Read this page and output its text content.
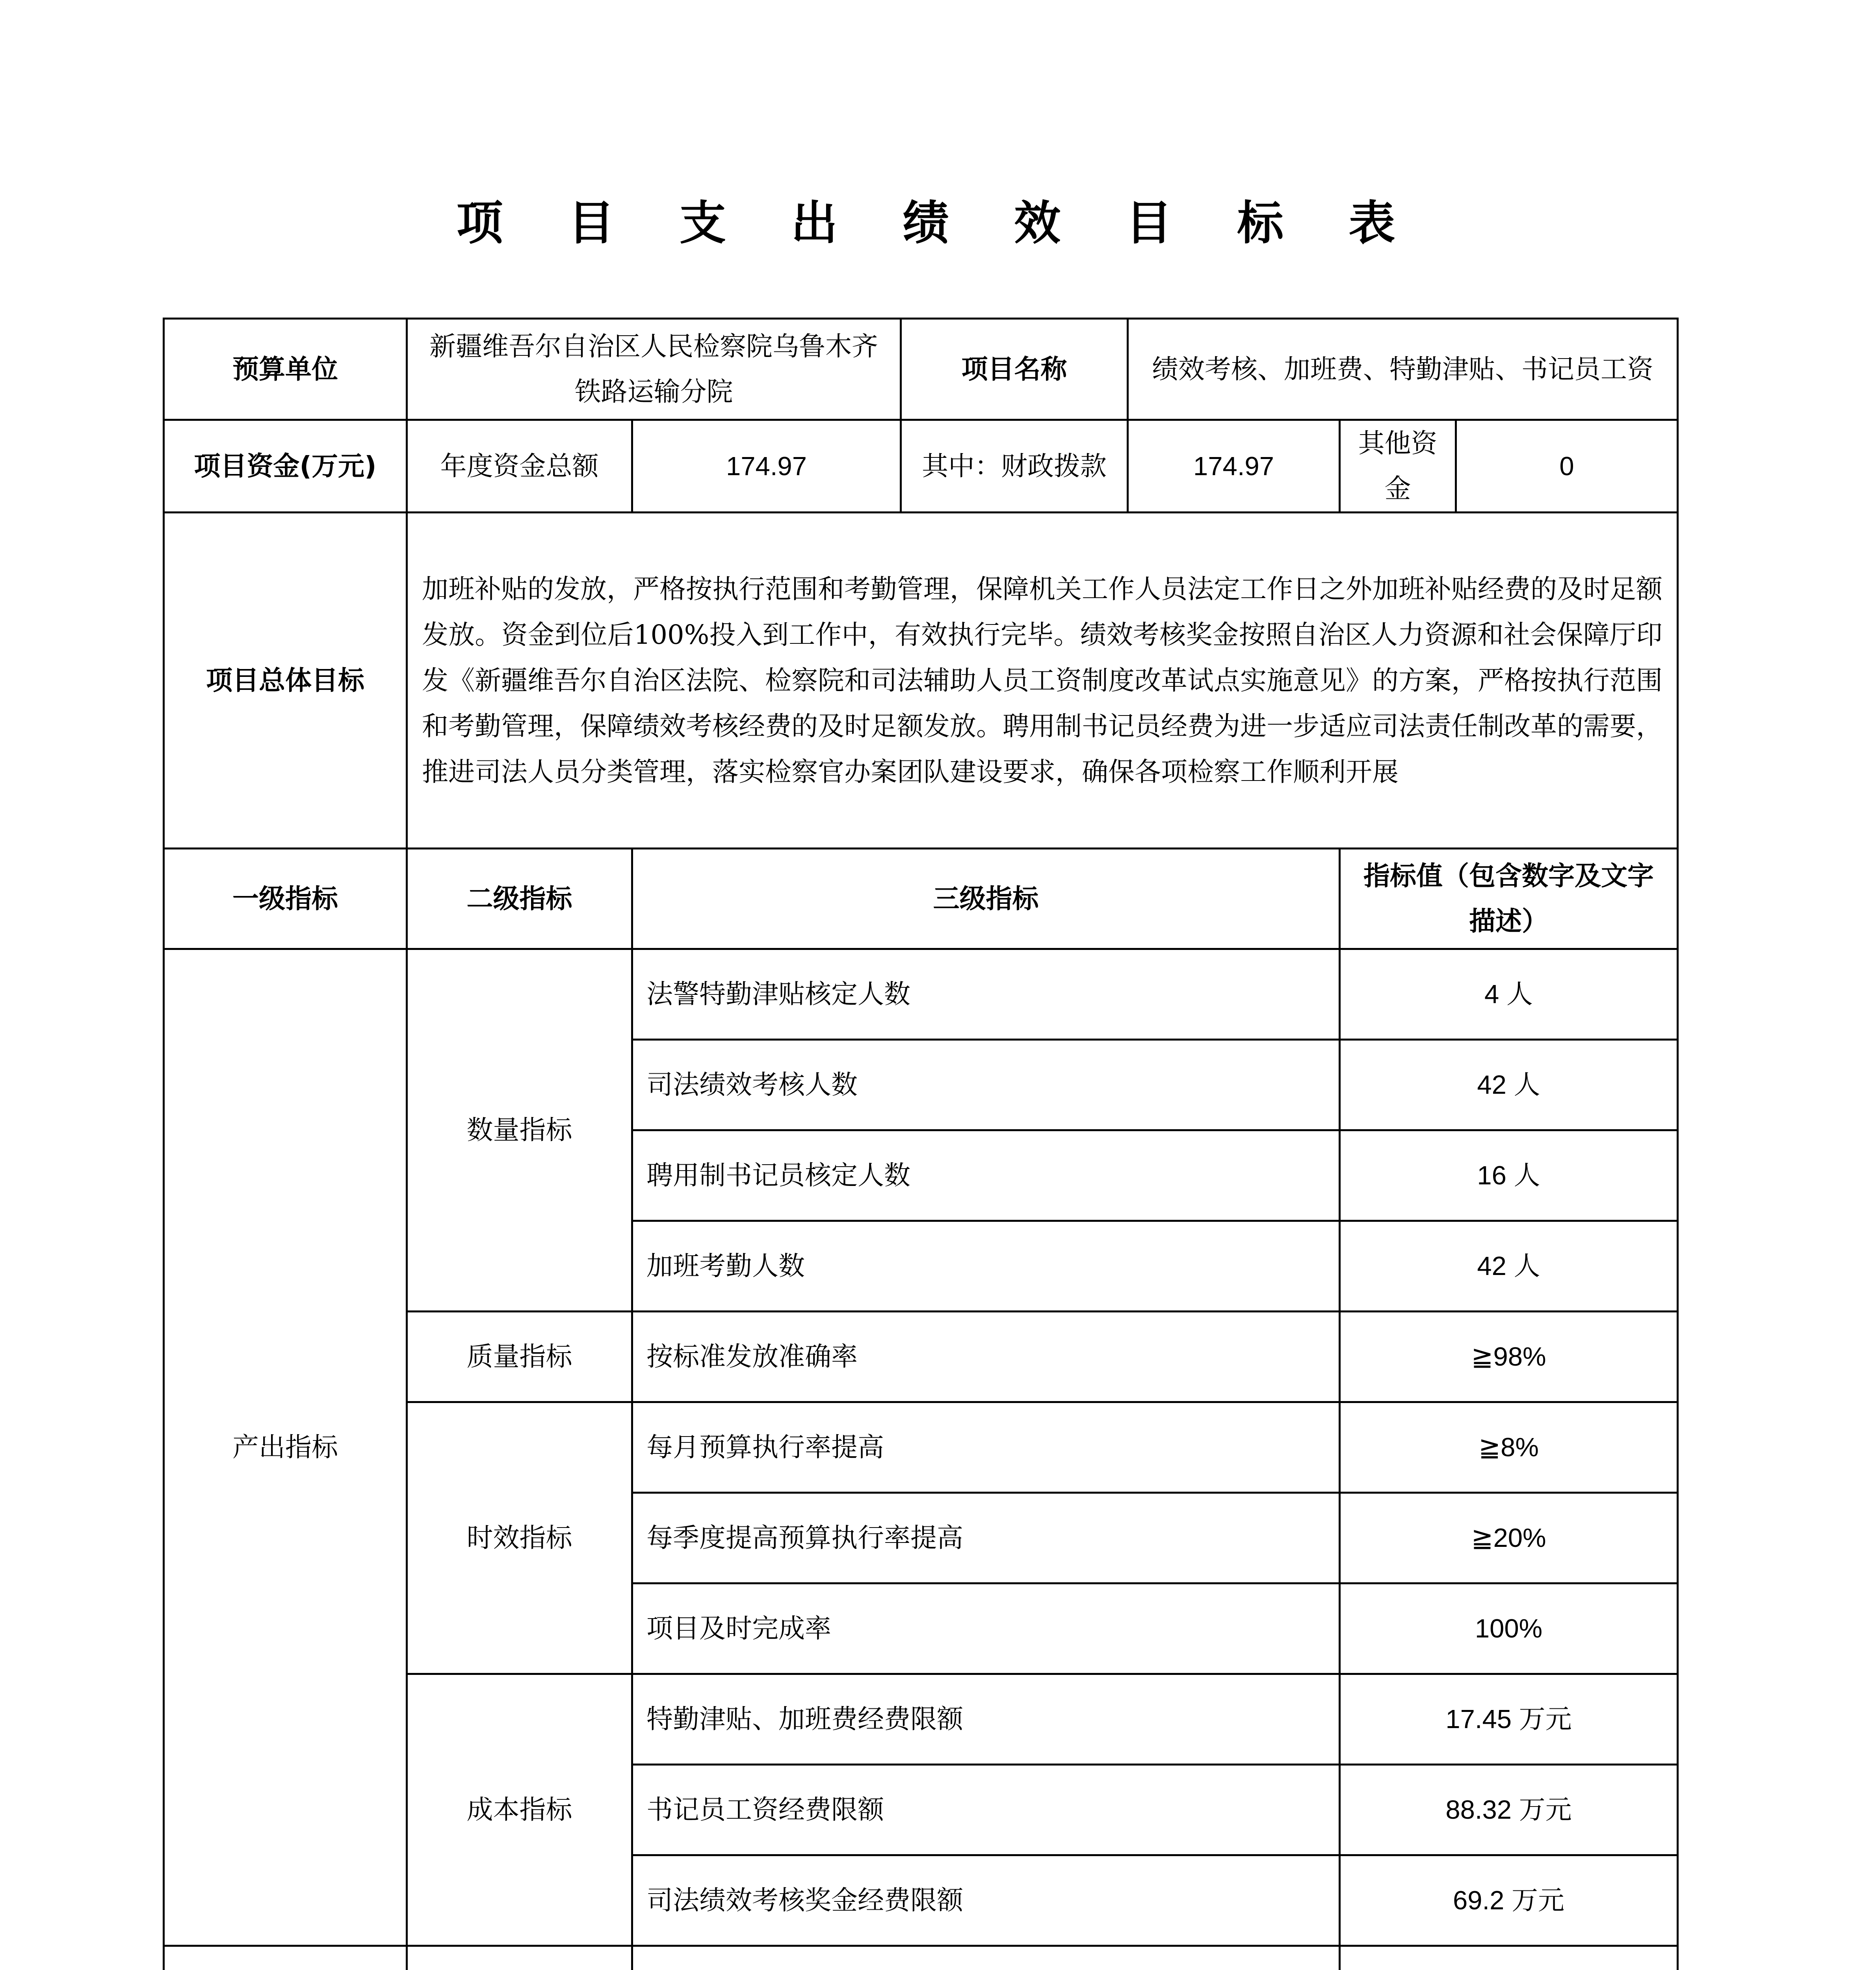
项 目 支 出 绩 效 目 标 表
预算单位	新疆维吾尔自治区人民检察院乌鲁木齐铁路运输分院		项目名称	绩效考核、加班费、特勤津贴、书记员工资		
项目资金(万元)	年度资金总额	174.97	其中：财政拨款	174.97	其他资金	0
项目总体目标	加班补贴的发放，严格按执行范围和考勤管理，保障机关工作人员法定工作日之外加班补贴经费的及时足额发放。资金到位后100%投入到工作中，有效执行完毕。绩效考核奖金按照自治区人力资源和社会保障厅印发《新疆维吾尔自治区法院、检察院和司法辅助人员工资制度改革试点实施意见》的方案，严格按执行范围和考勤管理，保障绩效考核经费的及时足额发放。聘用制书记员经费为进一步适应司法责任制改革的需要，推进司法人员分类管理，落实检察官办案团队建设要求，确保各项检察工作顺利开展					
一级指标	二级指标	三级指标			指标值（包含数字及文字描述）	
产出指标	数量指标	法警特勤津贴核定人数			4 人	
		司法绩效考核人数			42 人	
		聘用制书记员核定人数			16 人	
		加班考勤人数			42 人	
	质量指标	按标准发放准确率			≧98%	
	时效指标	每月预算执行率提高			≧8%	
		每季度提高预算执行率提高			≧20%	
		项目及时完成率			100%	
	成本指标	特勤津贴、加班费经费限额			17.45 万元	
		书记员工资经费限额			88.32 万元	
		司法绩效考核奖金经费限额			69.2 万元	
